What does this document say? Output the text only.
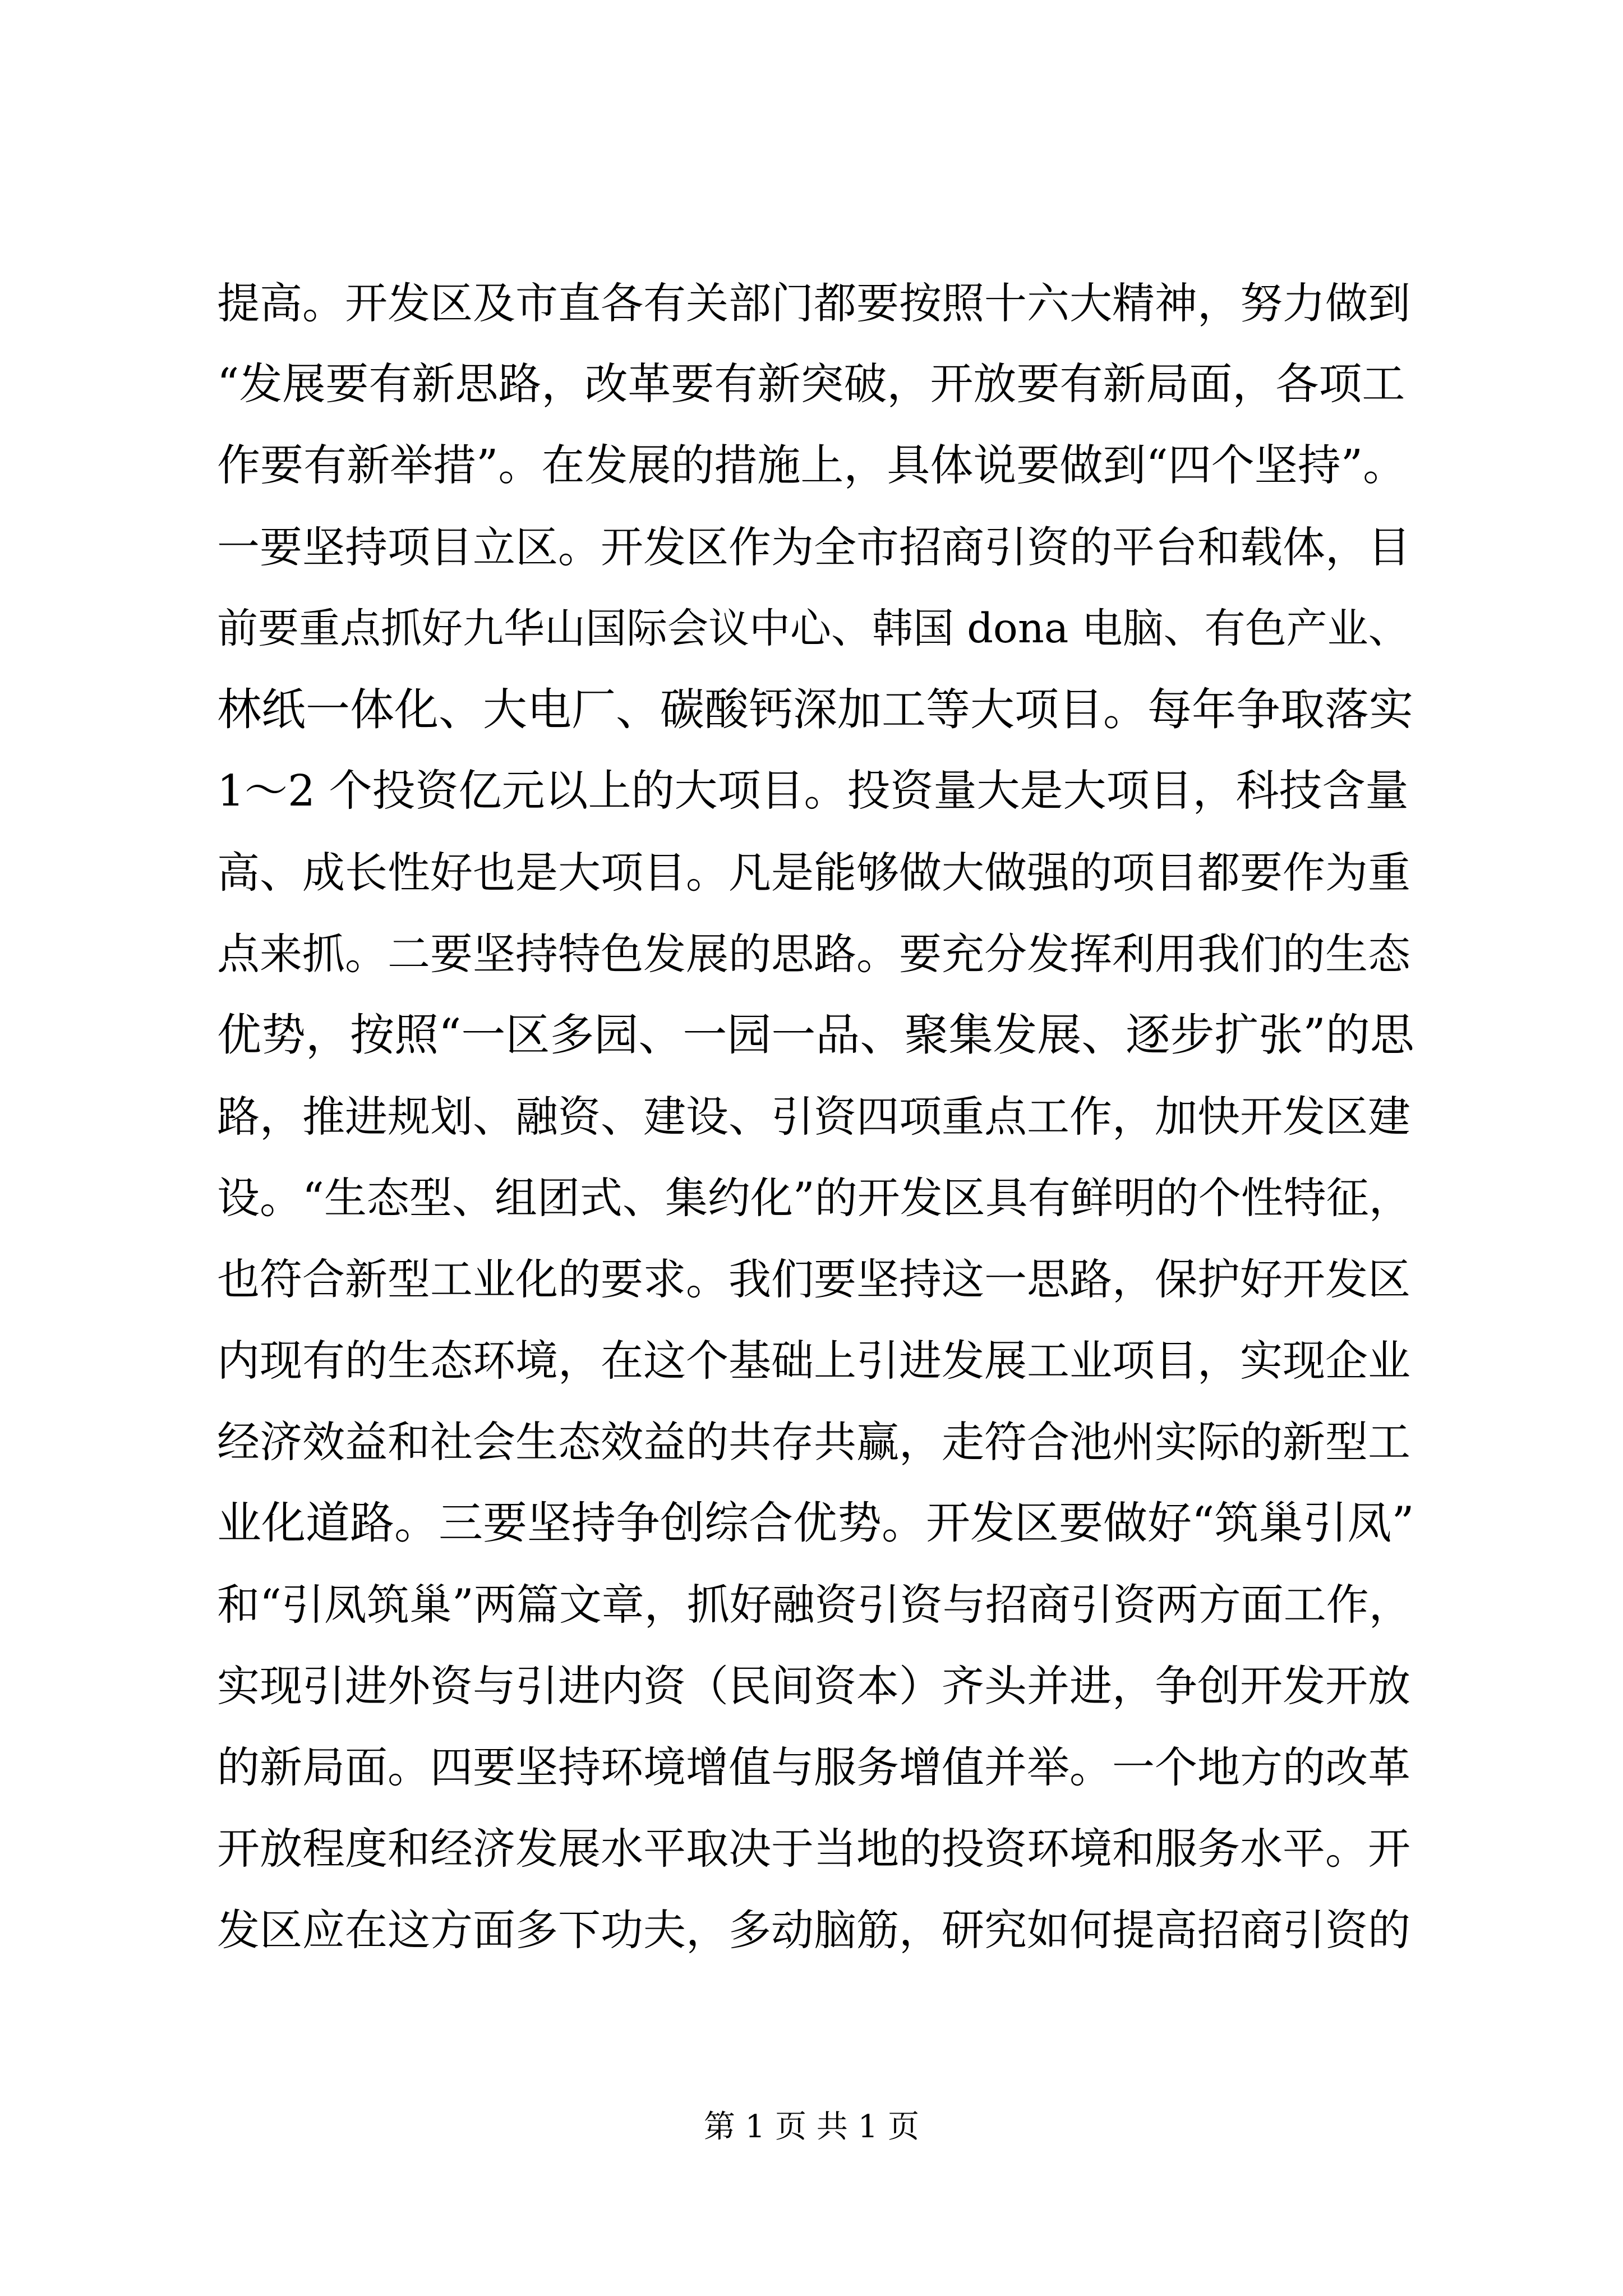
提高。开发区及市直各有关部门都要按照十六大精神，努力做到
“发展要有新思路，改革要有新突破，开放要有新局面，各项工
作要有新举措”。在发展的措施上，具体说要做到“四个坚持”。
一要坚持项目立区。开发区作为全市招商引资的平台和载体，目
前要重点抓好九华山国际会议中心、韩国 dona 电脑、有色产业、
林纸一体化、大电厂、碳酸钙深加工等大项目。每年争取落实
1～2 个投资亿元以上的大项目。投资量大是大项目，科技含量
高、成长性好也是大项目。凡是能够做大做强的项目都要作为重
点来抓。二要坚持特色发展的思路。要充分发挥利用我们的生态
优势，按照“一区多园、一园一品、聚集发展、逐步扩张”的思
路，推进规划、融资、建设、引资四项重点工作，加快开发区建
设。“生态型、组团式、集约化”的开发区具有鲜明的个性特征，
也符合新型工业化的要求。我们要坚持这一思路，保护好开发区
内现有的生态环境，在这个基础上引进发展工业项目，实现企业
经济效益和社会生态效益的共存共赢，走符合池州实际的新型工
业化道路。三要坚持争创综合优势。开发区要做好“筑巢引凤”
和“引凤筑巢”两篇文章，抓好融资引资与招商引资两方面工作，
实现引进外资与引进内资（民间资本）齐头并进，争创开发开放
的新局面。四要坚持环境增值与服务增值并举。一个地方的改革
开放程度和经济发展水平取决于当地的投资环境和服务水平。开
发区应在这方面多下功夫，多动脑筋，研究如何提高招商引资的
第 1 页 共 1 页
